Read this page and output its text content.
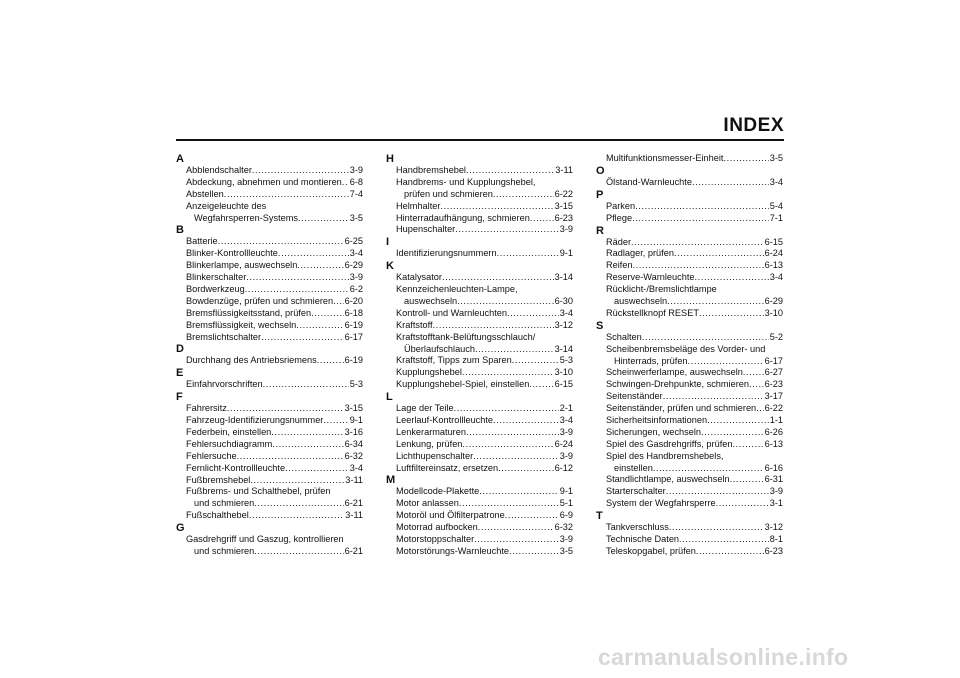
INDEX
A
Abblendschalter .....	3-9
Abdeckung, abnehmen und montieren ..... 6-8
Abstellen .....	7-4
Anzeigeleuchte des
Wegfahrsperren-Systems .....	3-5
B
Batterie .....	6-25
Blinker-Kontrollleuchte .....	3-4
Blinkerlampe, auswechseln .....	6-29
Blinkerschalter .....	3-9
Bordwerkzeug .....	6-2
Bowdenzüge, prüfen und schmieren ..... 6-20
Bremsflüssigkeitsstand, prüfen .....	6-18
Bremsflüssigkeit, wechseln .....	6-19
Bremslichtschalter .....	6-17
D
Durchhang des Antriebsriemens .....	6-19
E
Einfahrvorschriften .....	5-3
F
Fahrersitz .....	3-15
Fahrzeug-Identifizierungsnummer .....	9-1
Federbein, einstellen .....	3-16
Fehlersuchdiagramm .....	6-34
Fehlersuche .....	6-32
Fernlicht-Kontrollleuchte .....	3-4
Fußbremshebel .....	3-11
Fußbrems- und Schalthebel, prüfen
und schmieren .....	6-21
Fußschalthebel .....	3-11
G
Gasdrehgriff und Gaszug, kontrollieren
und schmieren .....	6-21
H
Handbremshebel .....	3-11
Handbrems- und Kupplungshebel,
prüfen und schmieren .....	6-22
Helmhalter .....	3-15
Hinterradaufhängung, schmieren .....	6-23
Hupenschalter .....	3-9
I
Identifizierungsnummern .....	9-1
K
Katalysator .....	3-14
Kennzeichenleuchten-Lampe,
auswechseln .....	6-30
Kontroll- und Warnleuchten .....	3-4
Kraftstoff .....	3-12
Kraftstofftank-Belüftungsschlauch/
Überlaufschlauch .....	3-14
Kraftstoff, Tipps zum Sparen .....	5-3
Kupplungshebel .....	3-10
Kupplungshebel-Spiel, einstellen .....	6-15
L
Lage der Teile .....	2-1
Leerlauf-Kontrollleuchte .....	3-4
Lenkerarmaturen .....	3-9
Lenkung, prüfen .....	6-24
Lichthupenschalter .....	3-9
Luftfiltereinsatz, ersetzen .....	6-12
M
Modellcode-Plakette .....	9-1
Motor anlassen .....	5-1
Motoröl und Ölfilterpatrone .....	6-9
Motorrad aufbocken .....	6-32
Motorstoppschalter .....	3-9
Motorstörungs-Warnleuchte .....	3-5
Multifunktionsmesser-Einheit .....	3-5
O
Ölstand-Warnleuchte .....	3-4
P
Parken .....	5-4
Pflege .....	7-1
R
Räder .....	6-15
Radlager, prüfen .....	6-24
Reifen .....	6-13
Reserve-Warnleuchte .....	3-4
Rücklicht-/Bremslichtlampe
auswechseln .....	6-29
Rückstellknopf RESET .....	3-10
S
Schalten .....	5-2
Scheibenbremsbeläge des Vorder- und
Hinterrads, prüfen .....	6-17
Scheinwerferlampe, auswechseln ..... 6-27
Schwingen-Drehpunkte, schmieren ..... 6-23
Seitenständer .....	3-17
Seitenständer, prüfen und schmieren ..... 6-22
Sicherheitsinformationen .....	1-1
Sicherungen, wechseln .....	6-26
Spiel des Gasdrehgriffs, prüfen .....	6-13
Spiel des Handbremshebels,
einstellen .....	6-16
Standlichtlampe, auswechseln .....	6-31
Starterschalter .....	3-9
System der Wegfahrsperre .....	3-1
T
Tankverschluss .....	3-12
Technische Daten .....	8-1
Teleskopgabel, prüfen .....	6-23
carmanualsonline.info
